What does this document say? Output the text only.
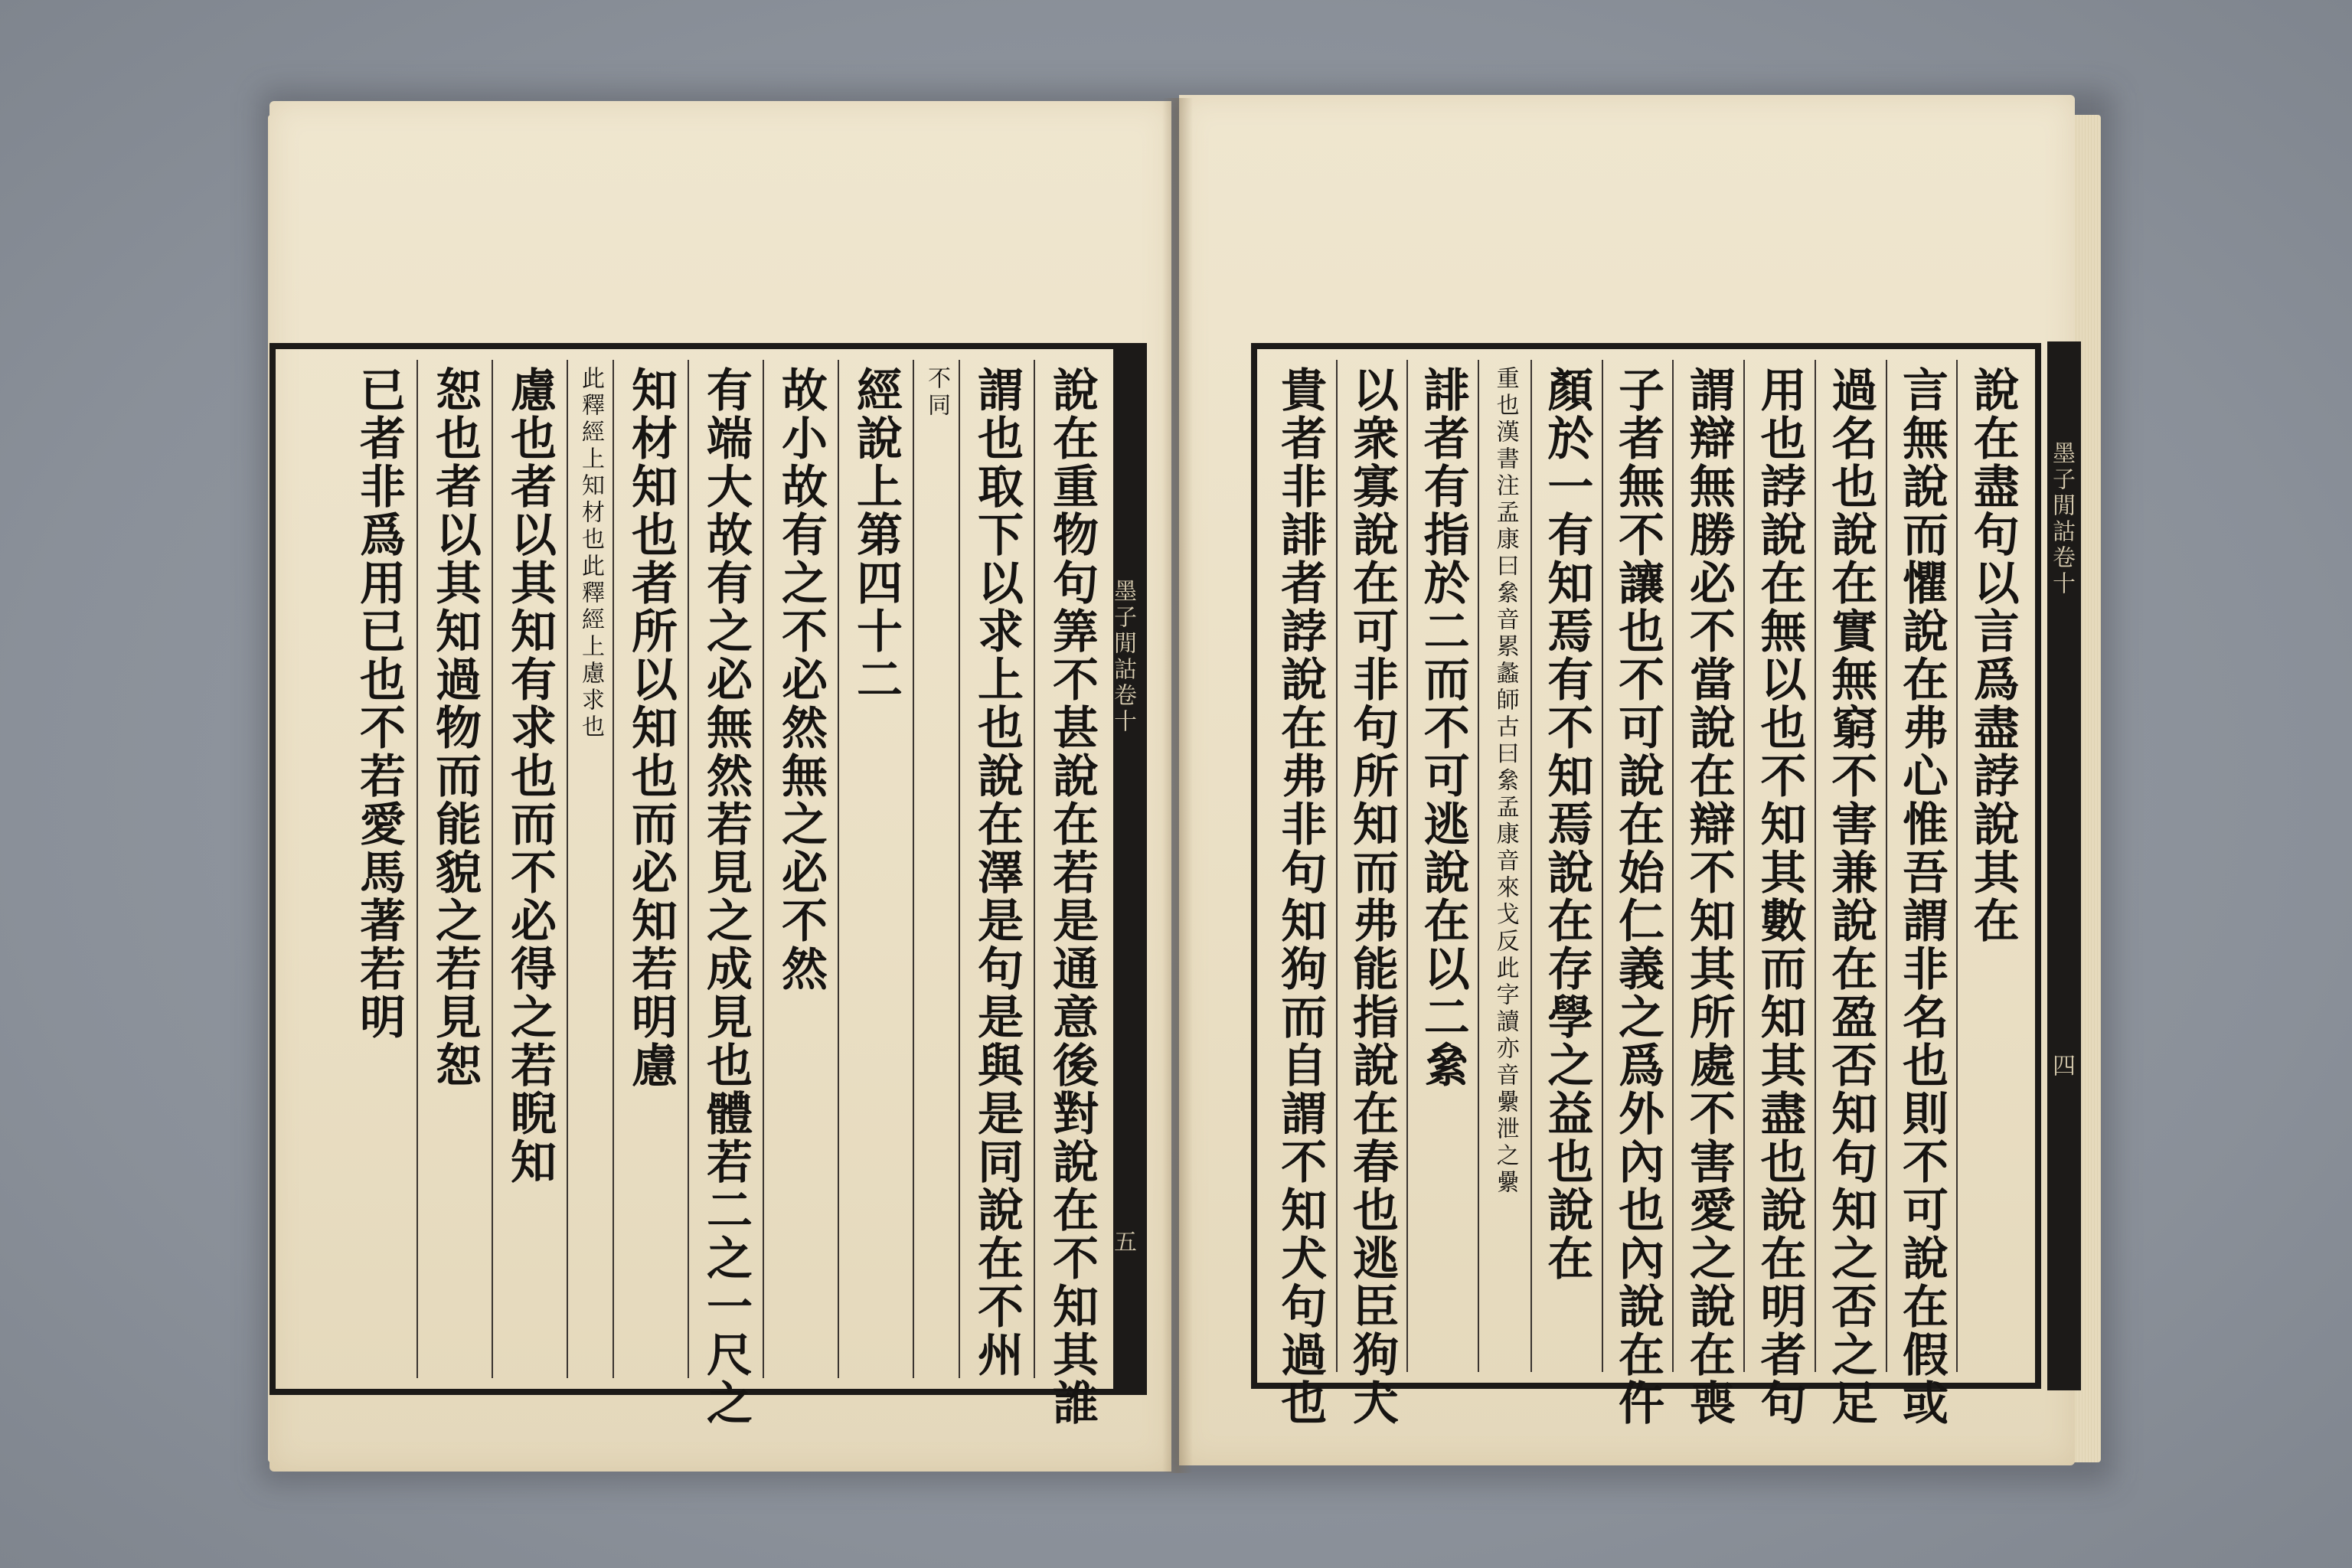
墨子閒詁卷十
五
說在重物句筭不甚說在若是通意後對說在不知其誰
謂也取下以求上也說在澤是句是與是同說在不州
不同
經說上第四十二
故小故有之不必然無之必不然
有端大故有之必無然若見之成見也體若二之一尺之
知材知也者所以知也而必知若明慮
此釋經上知材也此釋經上慮求也
慮也者以其知有求也而不必得之若睨知
恕也者以其知過物而能貌之若見恕
已者非爲用已也不若愛馬著若明	墨子閒詁卷十
四
說在盡句以言爲盡誖說其在
言無說而懼說在弗心惟吾謂非名也則不可說在假或
過名也說在實無窮不害兼說在盈否知句知之否之足
用也誖說在無以也不知其數而知其盡也說在明者句
謂辯無勝必不當說在辯不知其所處不害愛之說在喪
子者無不讓也不可說在始仁義之爲外內也內說在仵
顏於一有知焉有不知焉說在存學之益也說在
重也漢書注孟康曰絫音累蠡師古曰絫孟康音來戈反此字讀亦音纍泄之纍
誹者有指於二而不可逃說在以二絫
以衆寡說在可非句所知而弗能指說在春也逃臣狗犬
貴者非誹者誖說在弗非句知狗而自謂不知犬句過也
